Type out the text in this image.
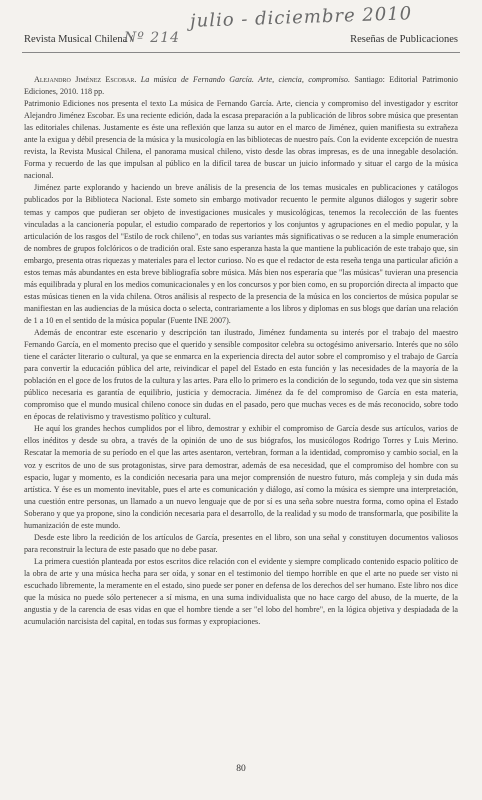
julio - diciembre 2010
Nº 214
Revista Musical Chilena /	Reseñas de Publicaciones

Alejandro Jiménez Escobar. La música de Fernando García. Arte, ciencia, compromiso. Santiago: Editorial Patrimonio Ediciones, 2010. 118 pp.

Patrimonio Ediciones nos presenta el texto La música de Fernando García. Arte, ciencia y compromiso del investigador y escritor Alejandro Jiménez Escobar. Es una reciente edición, dada la escasa preparación a la publicación de libros sobre música que presentan las editoriales chilenas. Justamente es éste una reflexión que lanza su autor en el marco de Jiménez, quien manifiesta su extrañeza ante la exigua y débil presencia de la música y la musicología en las bibliotecas de nuestro país. Con la evidente excepción de nuestra revista, la Revista Musical Chilena, el panorama musical chileno, visto desde las obras impresas, es de una innegable desolación. Forma y recuerdo de las que impulsan al público en la difícil tarea de buscar un juicio informado y situar el cargo de la música nacional.

Jiménez parte explorando y haciendo un breve análisis de la presencia de los temas musicales en publicaciones y catálogos publicados por la Biblioteca Nacional. Este someto sin embargo motivador recuento le permite algunos diálogos y sugerir sobre temas y campos que pudieran ser objeto de investigaciones musicales y musicológicas, tenemos la recolección de las fuentes vinculadas a la cancionería popular, el estudio comparado de repertorios y los conjuntos y agrupaciones en el medio popular, y la articulación de los rasgos del "Estilo de rock chileno", en todas sus variantes más significativas o se reducen a la simple enumeración de nombres de grupos folclóricos o de tradición oral. Este sano esperanza hasta la que mantiene la publicación de este trabajo que, sin embargo, presenta otras riquezas y materiales para el lector curioso. No es que el redactor de esta reseña tenga una particular afición a estos temas más abundantes en esta breve bibliografía sobre música. Más bien nos esperaría que "las músicas" tuvieran una presencia más equilibrada y plural en los medios comunicacionales y en los concursos y por bien como, en su proporción directa al impacto que estas músicas tienen en la vida chilena. Otros análisis al respecto de la presencia de la música en los conciertos de música popular se manifiestan en las audiencias de la música docta o selecta, contrariamente a los libros y diplomas en sus blogs que darían una relación de 1 a 10 en el sentido de la música popular (Fuente INE 2007).

Además de encontrar este escenario y descripción tan ilustrado, Jiménez fundamenta su interés por el trabajo del maestro Fernando García, en el momento preciso que el querido y sensible compositor celebra su octogésimo aniversario. Interés que no sólo tiene el carácter literario o cultural, ya que se enmarca en la experiencia directa del autor sobre el compromiso y el trabajo de García para convertir la educación pública del arte, reivindicar el papel del Estado en esta función y las necesidades de la mayoría de la población en el goce de los frutos de la cultura y las artes. Para ello lo primero es la condición de lo segundo, toda vez que sin sistema público necesaria es garantía de equilibrio, justicia y democracia. Jiménez da fe del compromiso de García en esta materia, compromiso que el mundo musical chileno conoce sin dudas en el pasado, pero que muchas veces es de más reconocido, sobre todo en épocas de relativismo y travestismo político y cultural.

He aquí los grandes hechos cumplidos por el libro, demostrar y exhibir el compromiso de García desde sus artículos, varios de ellos inéditos y desde su obra, a través de la opinión de uno de sus biógrafos, los musicólogos Rodrigo Torres y Luis Merino. Rescatar la memoria de su período en el que las artes asentaron, vertebran, forman a la identidad, compromiso y cambio social, en la voz y escritos de uno de sus protagonistas, sirve para demostrar, además de esa necesidad, que el compromiso del hombre con su espacio, lugar y momento, es la condición necesaria para una mejor comprensión de nuestro futuro, más compleja y sin duda más artística. Y ése es un momento inevitable, pues el arte es comunicación y diálogo, así como la música es siempre una interpretación, una cuestión entre personas, un llamado a un nuevo lenguaje que de por sí es una seña sobre nuestra forma, como opina el Estado Soberano y que ya propone, sino la condición necesaria para el desarrollo, de la realidad y su modo de transformarla, que posibilite la humanización de este mundo.

Desde este libro la reedición de los artículos de García, presentes en el libro, son una señal y constituyen documentos valiosos para reconstruir la lectura de este pasado que no debe pasar.

La primera cuestión planteada por estos escritos dice relación con el evidente y siempre complicado contenido espacio político de la obra de arte y una música hecha para ser oída, y sonar en el testimonio del tiempo horrible en que el arte no puede ser visto ni escuchado libremente, la meramente en el estado, sino puede ser poner en defensa de los derechos del ser humano. Este libro nos dice que la música no puede sólo pertenecer a sí misma, en una suma individualista que no hace cargo del abuso, de la muerte, de la angustia y de la carencia de esas vidas en que el hombre tiende a ser "el lobo del hombre", en la lógica objetiva y despiadada de la acumulación narcisista del capital, en todas sus formas y expropiaciones.

80
